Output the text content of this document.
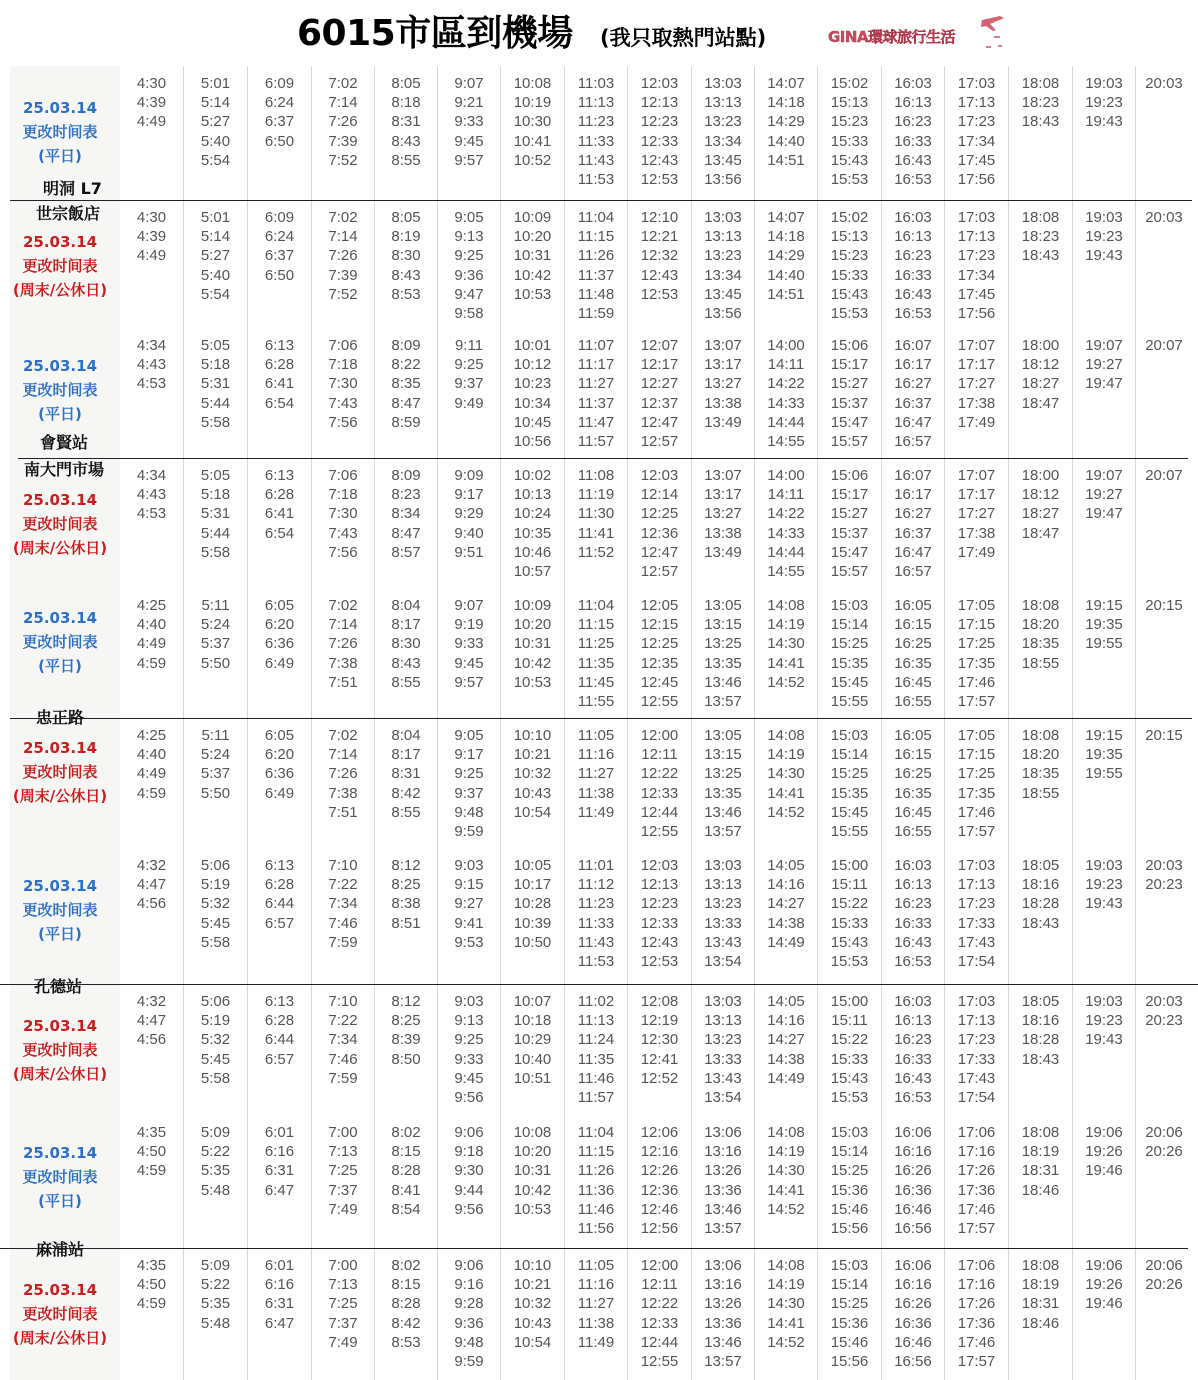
6015市區到機場 (我只取熱門站點)	GINA環球旅行生活
25.03.14
更改时间表
(平日)
4:30
4:39
4:49
5:01
5:14
5:27
5:40
5:54
6:09
6:24
6:37
6:50
7:02
7:14
7:26
7:39
7:52
8:05
8:18
8:31
8:43
8:55
9:07
9:21
9:33
9:45
9:57
10:08
10:19
10:30
10:41
10:52
11:03
11:13
11:23
11:33
11:43
11:53
12:03
12:13
12:23
12:33
12:43
12:53
13:03
13:13
13:23
13:34
13:45
13:56
14:07
14:18
14:29
14:40
14:51
15:02
15:13
15:23
15:33
15:43
15:53
16:03
16:13
16:23
16:33
16:43
16:53
17:03
17:13
17:23
17:34
17:45
17:56
18:08
18:23
18:43
19:03
19:23
19:43
20:03
25.03.14
更改时间表
(周末/公休日)
4:30
4:39
4:49
5:01
5:14
5:27
5:40
5:54
6:09
6:24
6:37
6:50
7:02
7:14
7:26
7:39
7:52
8:05
8:19
8:30
8:43
8:53
9:05
9:13
9:25
9:36
9:47
9:58
10:09
10:20
10:31
10:42
10:53
11:04
11:15
11:26
11:37
11:48
11:59
12:10
12:21
12:32
12:43
12:53
13:03
13:13
13:23
13:34
13:45
13:56
14:07
14:18
14:29
14:40
14:51
15:02
15:13
15:23
15:33
15:43
15:53
16:03
16:13
16:23
16:33
16:43
16:53
17:03
17:13
17:23
17:34
17:45
17:56
18:08
18:23
18:43
19:03
19:23
19:43
20:03
25.03.14
更改时间表
(平日)
4:34
4:43
4:53
5:05
5:18
5:31
5:44
5:58
6:13
6:28
6:41
6:54
7:06
7:18
7:30
7:43
7:56
8:09
8:22
8:35
8:47
8:59
9:11
9:25
9:37
9:49
10:01
10:12
10:23
10:34
10:45
10:56
11:07
11:17
11:27
11:37
11:47
11:57
12:07
12:17
12:27
12:37
12:47
12:57
13:07
13:17
13:27
13:38
13:49
14:00
14:11
14:22
14:33
14:44
14:55
15:06
15:17
15:27
15:37
15:47
15:57
16:07
16:17
16:27
16:37
16:47
16:57
17:07
17:17
17:27
17:38
17:49
18:00
18:12
18:27
18:47
19:07
19:27
19:47
20:07
25.03.14
更改时间表
(周末/公休日)
4:34
4:43
4:53
5:05
5:18
5:31
5:44
5:58
6:13
6:28
6:41
6:54
7:06
7:18
7:30
7:43
7:56
8:09
8:23
8:34
8:47
8:57
9:09
9:17
9:29
9:40
9:51
10:02
10:13
10:24
10:35
10:46
10:57
11:08
11:19
11:30
11:41
11:52
12:03
12:14
12:25
12:36
12:47
12:57
13:07
13:17
13:27
13:38
13:49
14:00
14:11
14:22
14:33
14:44
14:55
15:06
15:17
15:27
15:37
15:47
15:57
16:07
16:17
16:27
16:37
16:47
16:57
17:07
17:17
17:27
17:38
17:49
18:00
18:12
18:27
18:47
19:07
19:27
19:47
20:07
25.03.14
更改时间表
(平日)
4:25
4:40
4:49
4:59
5:11
5:24
5:37
5:50
6:05
6:20
6:36
6:49
7:02
7:14
7:26
7:38
7:51
8:04
8:17
8:30
8:43
8:55
9:07
9:19
9:33
9:45
9:57
10:09
10:20
10:31
10:42
10:53
11:04
11:15
11:25
11:35
11:45
11:55
12:05
12:15
12:25
12:35
12:45
12:55
13:05
13:15
13:25
13:35
13:46
13:57
14:08
14:19
14:30
14:41
14:52
15:03
15:14
15:25
15:35
15:45
15:55
16:05
16:15
16:25
16:35
16:45
16:55
17:05
17:15
17:25
17:35
17:46
17:57
18:08
18:20
18:35
18:55
19:15
19:35
19:55
20:15
25.03.14
更改时间表
(周末/公休日)
4:25
4:40
4:49
4:59
5:11
5:24
5:37
5:50
6:05
6:20
6:36
6:49
7:02
7:14
7:26
7:38
7:51
8:04
8:17
8:31
8:42
8:55
9:05
9:17
9:25
9:37
9:48
9:59
10:10
10:21
10:32
10:43
10:54
11:05
11:16
11:27
11:38
11:49
12:00
12:11
12:22
12:33
12:44
12:55
13:05
13:15
13:25
13:35
13:46
13:57
14:08
14:19
14:30
14:41
14:52
15:03
15:14
15:25
15:35
15:45
15:55
16:05
16:15
16:25
16:35
16:45
16:55
17:05
17:15
17:25
17:35
17:46
17:57
18:08
18:20
18:35
18:55
19:15
19:35
19:55
20:15
25.03.14
更改时间表
(平日)
4:32
4:47
4:56
5:06
5:19
5:32
5:45
5:58
6:13
6:28
6:44
6:57
7:10
7:22
7:34
7:46
7:59
8:12
8:25
8:38
8:51
9:03
9:15
9:27
9:41
9:53
10:05
10:17
10:28
10:39
10:50
11:01
11:12
11:23
11:33
11:43
11:53
12:03
12:13
12:23
12:33
12:43
12:53
13:03
13:13
13:23
13:33
13:43
13:54
14:05
14:16
14:27
14:38
14:49
15:00
15:11
15:22
15:33
15:43
15:53
16:03
16:13
16:23
16:33
16:43
16:53
17:03
17:13
17:23
17:33
17:43
17:54
18:05
18:16
18:28
18:43
19:03
19:23
19:43
20:03
20:23
25.03.14
更改时间表
(周末/公休日)
4:32
4:47
4:56
5:06
5:19
5:32
5:45
5:58
6:13
6:28
6:44
6:57
7:10
7:22
7:34
7:46
7:59
8:12
8:25
8:39
8:50
9:03
9:13
9:25
9:33
9:45
9:56
10:07
10:18
10:29
10:40
10:51
11:02
11:13
11:24
11:35
11:46
11:57
12:08
12:19
12:30
12:41
12:52
13:03
13:13
13:23
13:33
13:43
13:54
14:05
14:16
14:27
14:38
14:49
15:00
15:11
15:22
15:33
15:43
15:53
16:03
16:13
16:23
16:33
16:43
16:53
17:03
17:13
17:23
17:33
17:43
17:54
18:05
18:16
18:28
18:43
19:03
19:23
19:43
20:03
20:23
25.03.14
更改时间表
(平日)
4:35
4:50
4:59
5:09
5:22
5:35
5:48
6:01
6:16
6:31
6:47
7:00
7:13
7:25
7:37
7:49
8:02
8:15
8:28
8:41
8:54
9:06
9:18
9:30
9:44
9:56
10:08
10:20
10:31
10:42
10:53
11:04
11:15
11:26
11:36
11:46
11:56
12:06
12:16
12:26
12:36
12:46
12:56
13:06
13:16
13:26
13:36
13:46
13:57
14:08
14:19
14:30
14:41
14:52
15:03
15:14
15:25
15:36
15:46
15:56
16:06
16:16
16:26
16:36
16:46
16:56
17:06
17:16
17:26
17:36
17:46
17:57
18:08
18:19
18:31
18:46
19:06
19:26
19:46
20:06
20:26
25.03.14
更改时间表
(周末/公休日)
4:35
4:50
4:59
5:09
5:22
5:35
5:48
6:01
6:16
6:31
6:47
7:00
7:13
7:25
7:37
7:49
8:02
8:15
8:28
8:42
8:53
9:06
9:16
9:28
9:36
9:48
9:59
10:10
10:21
10:32
10:43
10:54
11:05
11:16
11:27
11:38
11:49
12:00
12:11
12:22
12:33
12:44
12:55
13:06
13:16
13:26
13:36
13:46
13:57
14:08
14:19
14:30
14:41
14:52
15:03
15:14
15:25
15:36
15:46
15:56
16:06
16:16
16:26
16:36
16:46
16:56
17:06
17:16
17:26
17:36
17:46
17:57
18:08
18:19
18:31
18:46
19:06
19:26
19:46
20:06
20:26
明洞 L7
世宗飯店
會賢站
南大門市場
忠正路
孔德站
麻浦站
